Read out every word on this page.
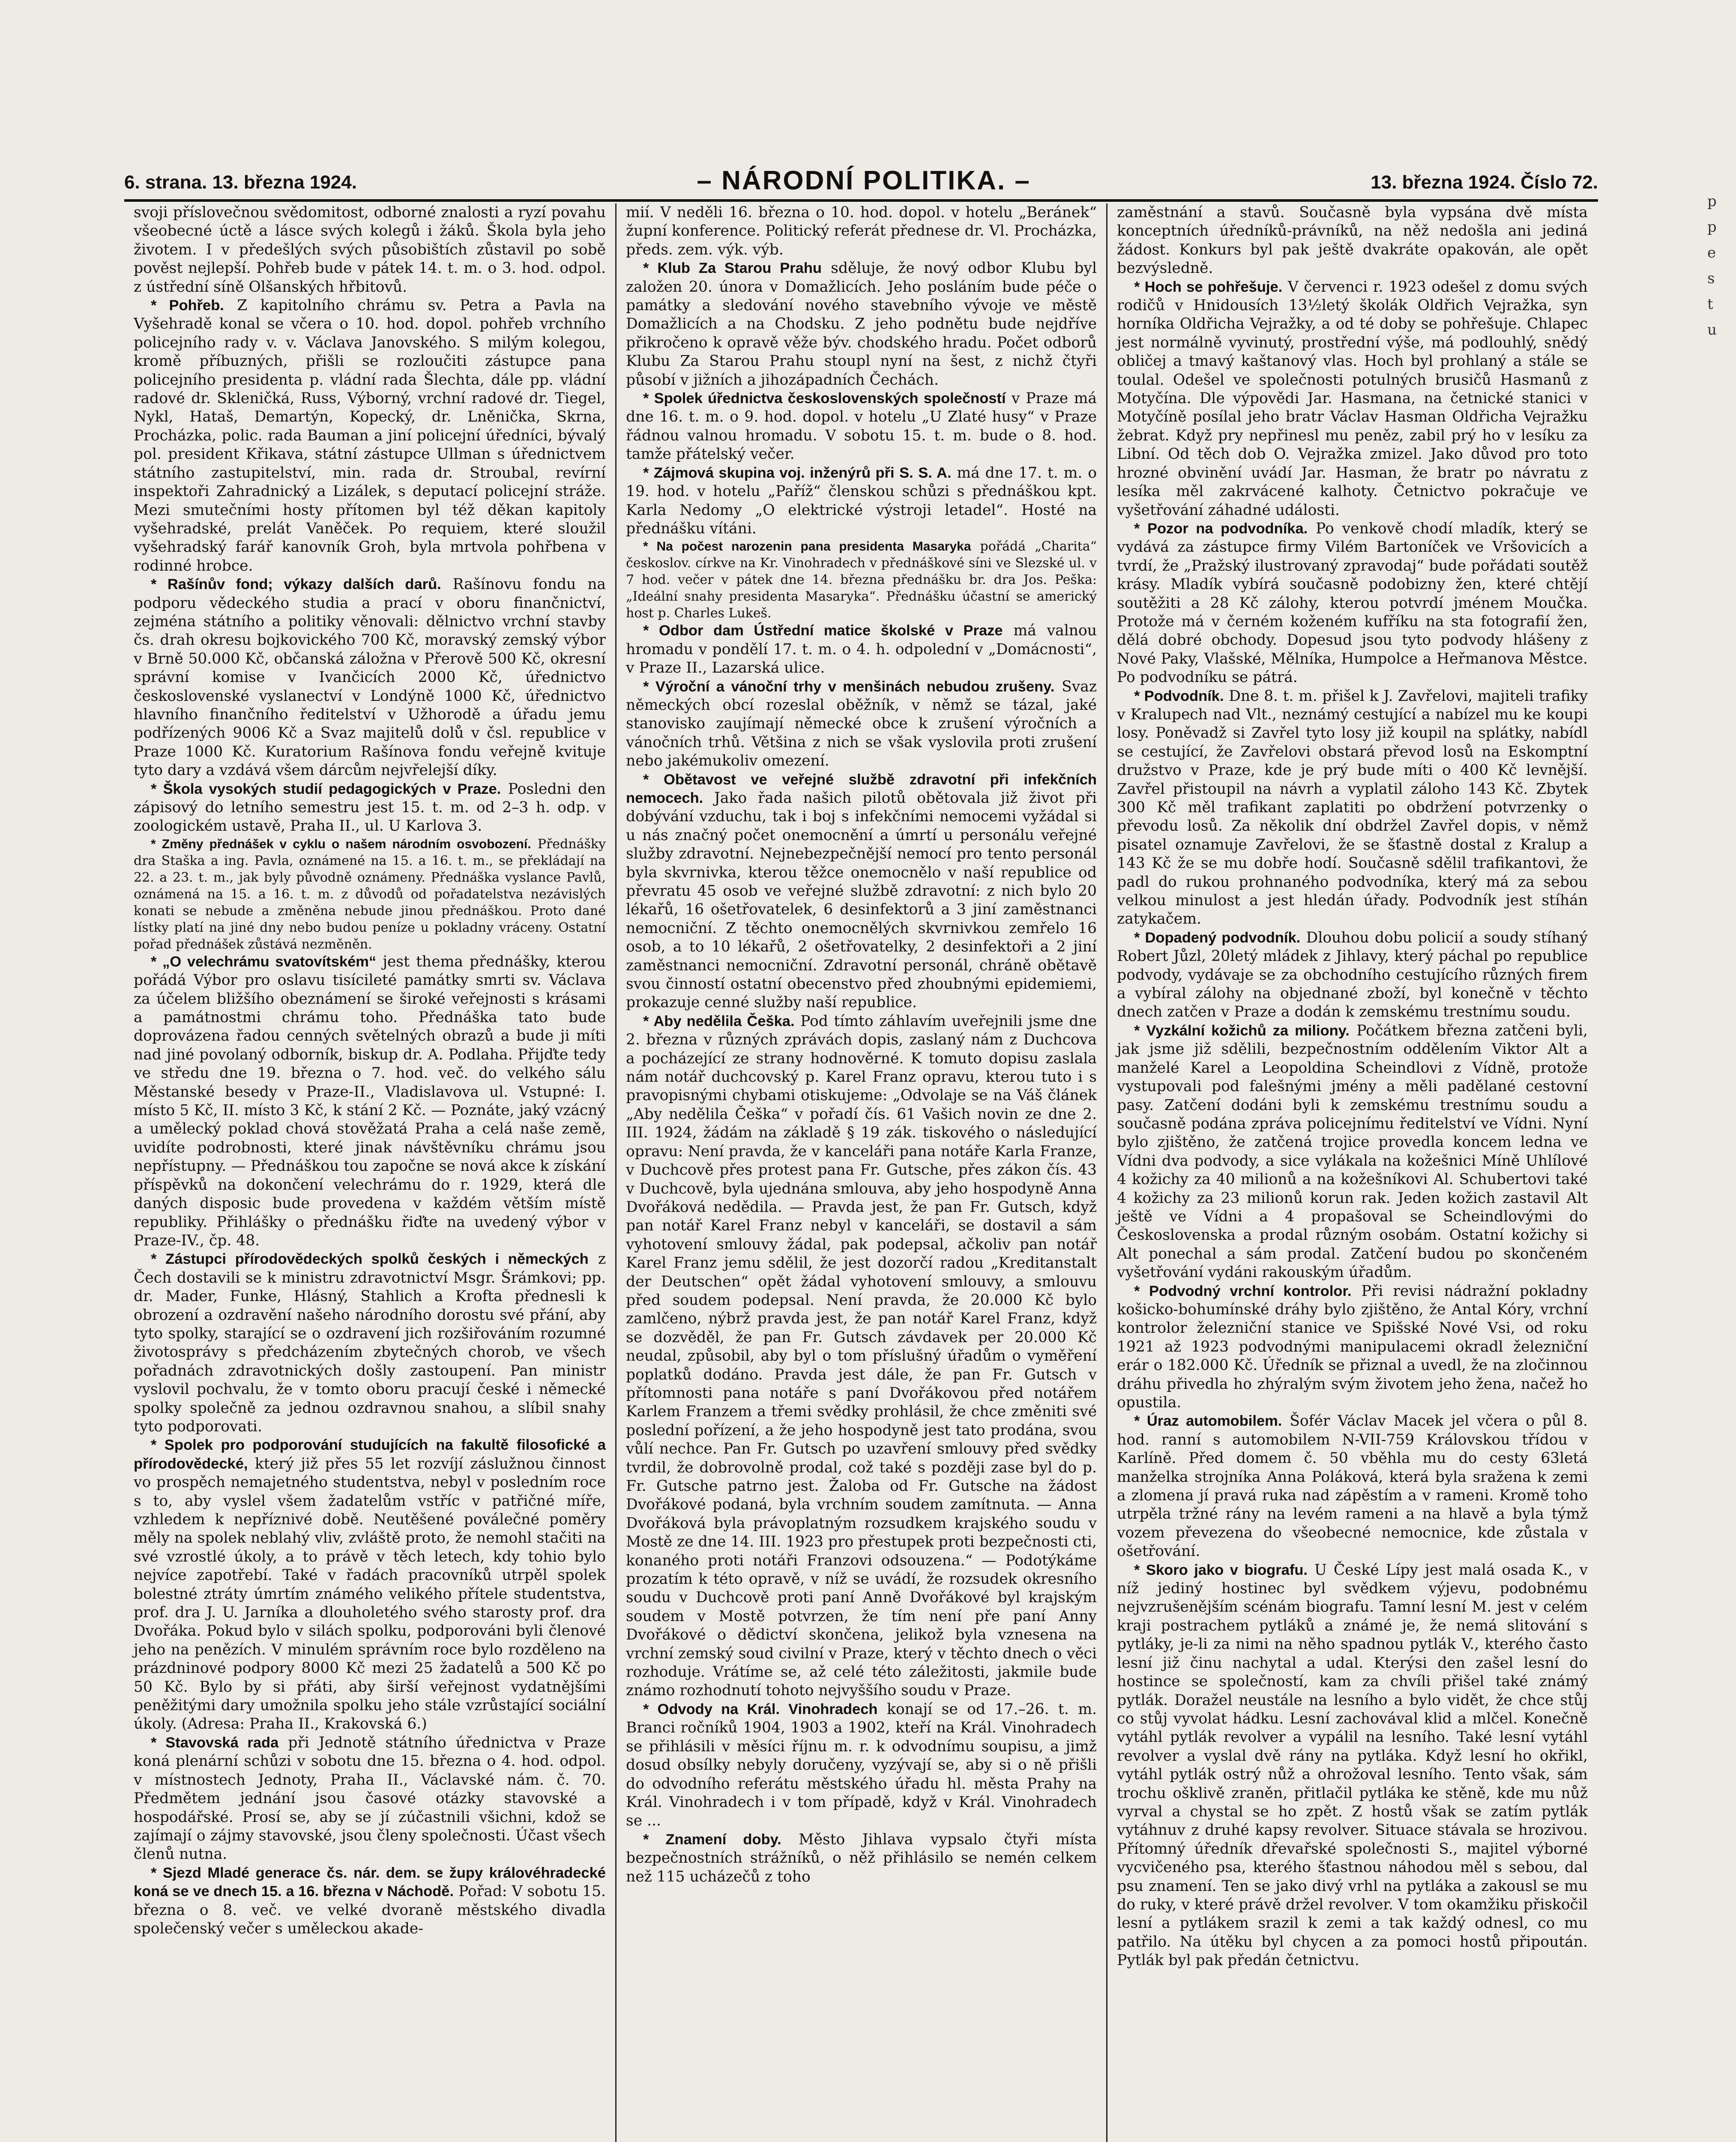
6. strana. 13. března 1924.	– NÁRODNÍ POLITIKA. –	13. března 1924. Číslo 72.

svoji příslovečnou svědomitost, odborné znalosti a ryzí povahu všeobecné úctě a lásce svých kolegů i žáků. Škola byla jeho životem. I v předešlých svých působištích zůstavil po sobě pověst nejlepší. Pohřeb bude v pátek 14. t. m. o 3. hod. odpol. z ústřední síně Olšanských hřbitovů.

* Pohřeb. Z kapitolního chrámu sv. Petra a Pavla na Vyšehradě konal se včera o 10. hod. dopol. pohřeb vrchního policejního rady v. v. Václava Janovského. S milým kolegou, kromě příbuzných, přišli se rozloučiti zástupce pana policejního presidenta p. vládní rada Šlechta, dále pp. vládní radové dr. Skleničká, Russ, Výborný, vrchní radové dr. Tiegel, Nykl, Hataš, Demartýn, Kopecký, dr. Lněnička, Skrna, Procházka, polic. rada Bauman a jiní policejní úředníci, bývalý pol. president Křikava, státní zástupce Ullman s úřednictvem státního zastupitelství, min. rada dr. Stroubal, revírní inspektoři Zahradnický a Lizálek, s deputací policejní stráže. Mezi smutečními hosty přítomen byl též děkan kapitoly vyšehradské, prelát Vaněček. Po requiem, které sloužil vyšehradský farář kanovník Groh, byla mrtvola pohřbena v rodinné hrobce.

* Rašínův fond; výkazy dalších darů. Rašínovu fondu na podporu vědeckého studia a prací v oboru finančnictví, zejména státního a politiky věnovali: dělnictvo vrchní stavby čs. drah okresu bojkovického 700 Kč, moravský zemský výbor v Brně 50.000 Kč, občanská záložna v Přerově 500 Kč, okresní správní komise v Ivančicích 2000 Kč, úřednictvo československé vyslanectví v Londýně 1000 Kč, úřednictvo hlavního finančního ředitelství v Užhorodě a úřadu jemu podřízených 9006 Kč a Svaz majitelů dolů v čsl. republice v Praze 1000 Kč. Kuratorium Rašínova fondu veřejně kvituje tyto dary a vzdává všem dárcům nejvřelejší díky.

* Škola vysokých studií pedagogických v Praze. Posledni den zápisový do letního semestru jest 15. t. m. od 2–3 h. odp. v zoologickém ustavě, Praha II., ul. U Karlova 3.

* Změny přednášek v cyklu o našem národním osvobození. Přednášky dra Staška a ing. Pavla, oznámené na 15. a 16. t. m., se překládají na 22. a 23. t. m., jak byly původně oznámeny. Přednáška vyslance Pavlů, oznámená na 15. a 16. t. m. z důvodů od pořadatelstva nezávislých konati se nebude a změněna nebude jinou přednáškou. Proto dané lístky platí na jiné dny nebo budou peníze u pokladny vráceny. Ostatní pořad přednášek zůstává nezměněn.

* „O velechrámu svatovítském“ jest thema přednášky, kterou pořádá Výbor pro oslavu tisícileté památky smrti sv. Václava za účelem bližšího obeznámení se široké veřejnosti s krásami a památnostmi chrámu toho. Přednáška tato bude doprovázena řadou cenných světelných obrazů a bude ji míti nad jiné povolaný odborník, biskup dr. A. Podlaha. Přijďte tedy ve středu dne 19. března o 7. hod. več. do velkého sálu Městanské besedy v Praze-II., Vladislavova ul. Vstupné: I. místo 5 Kč, II. místo 3 Kč, k stání 2 Kč. — Poznáte, jaký vzácný a umělecký poklad chová stověžatá Praha a celá naše země, uvidíte podrobnosti, které jinak návštěvníku chrámu jsou nepřístupny. — Přednáškou tou započne se nová akce k získání příspěvků na dokončení velechrámu do r. 1929, která dle daných disposic bude provedena v každém větším místě republiky. Přihlášky o přednášku řiďte na uvedený výbor v Praze-IV., čp. 48.

* Zástupci přírodovědeckých spolků českých i německých z Čech dostavili se k ministru zdravotnictví Msgr. Šrámkovi; pp. dr. Mader, Funke, Hlásný, Stahlich a Krofta přednesli k obrození a ozdravění našeho národního dorostu své přání, aby tyto spolky, starající se o ozdravení jich rozšiřováním rozumné životosprávy s předcházením zbytečných chorob, ve všech pořadnách zdravotnických došly zastoupení. Pan ministr vyslovil pochvalu, že v tomto oboru pracují české i německé spolky společně za jednou ozdravnou snahou, a slíbil snahy tyto podporovati.

* Spolek pro podporování studujících na fakultě filosofické a přírodovědecké, který již přes 55 let rozvíjí záslužnou činnost vo prospěch nemajetného studentstva, nebyl v posledním roce s to, aby vyslel všem žadatelům vstříc v patřičné míře, vzhledem k nepříznivé době. Neutěšené poválečné poměry měly na spolek neblahý vliv, zvláště proto, že nemohl stačiti na své vzrostlé úkoly, a to právě v těch letech, kdy tohio bylo nejvíce zapotřebí. Také v řadách pracovníků utrpěl spolek bolestné ztráty úmrtím známého velikého přítele studentstva, prof. dra J. U. Jarníka a dlouholetého svého starosty prof. dra Dvořáka. Pokud bylo v silách spolku, podporováni byli členové jeho na penězích. V minulém správním roce bylo rozděleno na prázdninové podpory 8000 Kč mezi 25 žadatelů a 500 Kč po 50 Kč. Bylo by si přáti, aby širší veřejnost vydatnějšími peněžitými dary umožnila spolku jeho stále vzrůstající sociální úkoly. (Adresa: Praha II., Krakovská 6.)

* Stavovská rada při Jednotě státního úřednictva v Praze koná plenární schůzi v sobotu dne 15. března o 4. hod. odpol. v místnostech Jednoty, Praha II., Václavské nám. č. 70. Předmětem jednání jsou časové otázky stavovské a hospodářské. Prosí se, aby se jí zúčastnili všichni, kdož se zajímají o zájmy stavovské, jsou členy společnosti. Účast všech členů nutna.

* Sjezd Mladé generace čs. nár. dem. se župy královéhradecké koná se ve dnech 15. a 16. března v Náchodě. Pořad: V sobotu 15. března o 8. več. ve velké dvoraně městského divadla společenský večer s uměleckou akade-

mií. V neděli 16. března o 10. hod. dopol. v hotelu „Beránek“ župní konference. Politický referát přednese dr. Vl. Procházka, předs. zem. výk. výb.

* Klub Za Starou Prahu sděluje, že nový odbor Klubu byl založen 20. února v Domažlicích. Jeho posláním bude péče o památky a sledování nového stavebního vývoje ve městě Domažlicích a na Chodsku. Z jeho podnětu bude nejdříve přikročeno k opravě věže býv. chodského hradu. Počet odborů Klubu Za Starou Prahu stoupl nyní na šest, z nichž čtyři působí v jižních a jihozápadních Čechách.

* Spolek úřednictva československých společností v Praze má dne 16. t. m. o 9. hod. dopol. v hotelu „U Zlaté husy“ v Praze řádnou valnou hromadu. V sobotu 15. t. m. bude o 8. hod. tamže přátelský večer.

* Zájmová skupina voj. inženýrů při S. S. A. má dne 17. t. m. o 19. hod. v hotelu „Paříž“ členskou schůzi s přednáškou kpt. Karla Nedomy „O elektrické výstroji letadel“. Hosté na přednášku vítáni.

* Na počest narozenin pana presidenta Masaryka pořádá „Charita“ českoslov. církve na Kr. Vinohradech v přednáškové síni ve Slezské ul. v 7 hod. večer v pátek dne 14. března přednášku br. dra Jos. Peška: „Ideální snahy presidenta Masaryka“. Přednášku účastní se americký host p. Charles Lukeš.

* Odbor dam Ústřední matice školské v Praze má valnou hromadu v pondělí 17. t. m. o 4. h. odpolední v „Domácnosti“, v Praze II., Lazarská ulice.

* Výroční a vánoční trhy v menšinách nebudou zrušeny. Svaz německých obcí rozeslal oběžník, v němž se tázal, jaké stanovisko zaujímají německé obce k zrušení výročních a vánočních trhů. Většina z nich se však vyslovila proti zrušení nebo jakémukoliv omezení.

* Obětavost ve veřejné službě zdravotní při infekčních nemocech. Jako řada našich pilotů obětovala již život při dobývání vzduchu, tak i boj s infekčními nemocemi vyžádal si u nás značný počet onemocnění a úmrtí u personálu veřejné služby zdravotní. Nejnebezpečnější nemocí pro tento personál byla skvrnivka, kterou těžce onemocnělo v naší republice od převratu 45 osob ve veřejné službě zdravotní: z nich bylo 20 lékařů, 16 ošetřovatelek, 6 desinfektorů a 3 jiní zaměstnanci nemocniční. Z těchto onemocnělých skvrnivkou zemřelo 16 osob, a to 10 lékařů, 2 ošetřovatelky, 2 desinfektoři a 2 jiní zaměstnanci nemocniční. Zdravotní personál, chráně obětavě svou činností ostatní obecenstvo před zhoubnými epidemiemi, prokazuje cenné služby naší republice.

* Aby nedělila Češka. Pod tímto záhlavím uveřejnili jsme dne 2. března v různých zprávách dopis, zaslaný nám z Duchcova a pocházející ze strany hodnověrné. K tomuto dopisu zaslala nám notář duchcovský p. Karel Franz opravu, kterou tuto i s pravopisnými chybami otiskujeme: „Odvolaje se na Váš článek „Aby nedělila Češka“ v pořadí čís. 61 Vašich novin ze dne 2. III. 1924, žádám na základě § 19 zák. tiskového o následující opravu: Není pravda, že v kanceláři pana notáře Karla Franze, v Duchcově přes protest pana Fr. Gutsche, přes zákon čís. 43 v Duchcově, byla ujednána smlouva, aby jeho hospodyně Anna Dvořáková nedědila. — Pravda jest, že pan Fr. Gutsch, když pan notář Karel Franz nebyl v kanceláři, se dostavil a sám vyhotovení smlouvy žádal, pak podepsal, ačkoliv pan notář Karel Franz jemu sdělil, že jest dozorčí radou „Kreditanstalt der Deutschen“ opět žádal vyhotovení smlouvy, a smlouvu před soudem podepsal. Není pravda, že 20.000 Kč bylo zamlčeno, nýbrž pravda jest, že pan notář Karel Franz, když se dozvěděl, že pan Fr. Gutsch závdavek per 20.000 Kč neudal, způsobil, aby byl o tom příslušný úřadům o vyměření poplatků dodáno. Pravda jest dále, že pan Fr. Gutsch v přítomnosti pana notáře s paní Dvořákovou před notářem Karlem Franzem a třemi svědky prohlásil, že chce změniti své poslední pořízení, a že jeho hospodyně jest tato prodána, svou vůlí nechce. Pan Fr. Gutsch po uzavření smlouvy před svědky tvrdil, že dobrovolně prodal, což také s později zase byl do p. Fr. Gutsche patrno jest. Žaloba od Fr. Gutsche na žádost Dvořákové podaná, byla vrchním soudem zamítnuta. — Anna Dvořáková byla právoplatným rozsudkem krajského soudu v Mostě ze dne 14. III. 1923 pro přestupek proti bezpečnosti cti, konaného proti notáři Franzovi odsouzena.“ — Podotýkáme prozatím k této opravě, v níž se uvádí, že rozsudek okresního soudu v Duchcově proti paní Anně Dvořákové byl krajským soudem v Mostě potvrzen, že tím není pře paní Anny Dvořákové o dědictví skončena, jelikož byla vznesena na vrchní zemský soud civilní v Praze, který v těchto dnech o věci rozhoduje. Vrátíme se, až celé této záležitosti, jakmile bude známo rozhodnutí tohoto nejvyššího soudu v Praze.

* Odvody na Král. Vinohradech konají se od 17.–26. t. m. Branci ročníků 1904, 1903 a 1902, kteří na Král. Vinohradech se přihlásili v měsíci říjnu m. r. k odvodnímu soupisu, a jimž dosud obsílky nebyly doručeny, vyzývají se, aby si o ně přišli do odvodního referátu městského úřadu hl. města Prahy na Král. Vinohradech i v tom případě, když v Král. Vinohradech se ...

* Znamení doby. Město Jihlava vypsalo čtyři místa bezpečnostních strážníků, o něž přihlásilo se nemén celkem než 115 ucházečů z toho

zaměstnání a stavů. Současně byla vypsána dvě místa konceptních úředníků-právníků, na něž nedošla ani jediná žádost. Konkurs byl pak ještě dvakráte opakován, ale opět bezvýsledně.

* Hoch se pohřešuje. V červenci r. 1923 odešel z domu svých rodičů v Hnidousích 13½letý školák Oldřich Vejražka, syn horníka Oldřicha Vejražky, a od té doby se pohřešuje. Chlapec jest normálně vyvinutý, prostřední výše, má podlouhlý, snědý obličej a tmavý kaštanový vlas. Hoch byl prohlaný a stále se toulal. Odešel ve společnosti potulných brusičů Hasmanů z Motyčína. Dle výpovědi Jar. Hasmana, na četnické stanici v Motyčíně posílal jeho bratr Václav Hasman Oldřicha Vejražku žebrat. Když pry nepřinesl mu peněz, zabil prý ho v lesíku za Libní. Od těch dob O. Vejražka zmizel. Jako důvod pro toto hrozné obvinění uvádí Jar. Hasman, že bratr po návratu z lesíka měl zakrvácené kalhoty. Četnictvo pokračuje ve vyšetřování záhadné události.

* Pozor na podvodníka. Po venkově chodí mladík, který se vydává za zástupce firmy Vilém Bartoníček ve Vršovicích a tvrdí, že „Pražský ilustrovaný zpravodaj“ bude pořádati soutěž krásy. Mladík vybírá současně podobizny žen, které chtějí soutěžiti a 28 Kč zálohy, kterou potvrdí jménem Moučka. Protože má v černém koženém kufříku na sta fotografií žen, dělá dobré obchody. Dopesud jsou tyto podvody hlášeny z Nové Paky, Vlašské, Mělníka, Humpolce a Heřmanova Městce. Po podvodníku se pátrá.

* Podvodník. Dne 8. t. m. přišel k J. Zavřelovi, majiteli trafiky v Kralupech nad Vlt., neznámý cestující a nabízel mu ke koupi losy. Poněvadž si Zavřel tyto losy již koupil na splátky, nabídl se cestující, že Zavřelovi obstará převod losů na Eskomptní družstvo v Praze, kde je prý bude míti o 400 Kč levnější. Zavřel přistoupil na návrh a vyplatil záloho 143 Kč. Zbytek 300 Kč měl trafikant zaplatiti po obdržení potvrzenky o převodu losů. Za několik dní obdržel Zavřel dopis, v němž pisatel oznamuje Zavřelovi, že se šťastně dostal z Kralup a 143 Kč že se mu dobře hodí. Současně sdělil trafikantovi, že padl do rukou prohnaného podvodníka, který má za sebou velkou minulost a jest hledán úřady. Podvodník jest stíhán zatykačem.

* Dopadený podvodník. Dlouhou dobu policií a soudy stíhaný Robert Jůzl, 20letý mládek z Jihlavy, který páchal po republice podvody, vydávaje se za obchodního cestujícího různých firem a vybíral zálohy na objednané zboží, byl konečně v těchto dnech zatčen v Praze a dodán k zemskému trestnímu soudu.

* Vyzkální kožichů za miliony. Počátkem března zatčeni byli, jak jsme již sdělili, bezpečnostním oddělením Viktor Alt a manželé Karel a Leopoldina Scheindlovi z Vídně, protože vystupovali pod falešnými jmény a měli padělané cestovní pasy. Zatčení dodáni byli k zemskému trestnímu soudu a současně podána zpráva policejnímu ředitelství ve Vídni. Nyní bylo zjištěno, že zatčená trojice provedla koncem ledna ve Vídni dva podvody, a sice vylákala na kožešnici Míně Uhlílové 4 kožichy za 40 milionů a na kožešníkovi Al. Schubertovi také 4 kožichy za 23 milionů korun rak. Jeden kožich zastavil Alt ještě ve Vídni a 4 propašoval se Scheindlovými do Československa a prodal různým osobám. Ostatní kožichy si Alt ponechal a sám prodal. Zatčení budou po skončeném vyšetřování vydáni rakouským úřadům.

* Podvodný vrchní kontrolor. Při revisi nádražní pokladny košicko-bohumínské dráhy bylo zjištěno, že Antal Kóry, vrchní kontrolor železniční stanice ve Spišské Nové Vsi, od roku 1921 až 1923 podvodnými manipulacemi okradl železniční erár o 182.000 Kč. Úředník se přiznal a uvedl, že na zločinnou dráhu přivedla ho zhýralým svým životem jeho žena, načež ho opustila.

* Úraz automobilem. Šofér Václav Macek jel včera o půl 8. hod. ranní s automobilem N-VII-759 Královskou třídou v Karlíně. Před domem č. 50 vběhla mu do cesty 63letá manželka strojníka Anna Poláková, která byla sražena k zemi a zlomena jí pravá ruka nad zápěstím a v rameni. Kromě toho utrpěla tržné rány na levém rameni a na hlavě a byla týmž vozem převezena do všeobecné nemocnice, kde zůstala v ošetřování.

* Skoro jako v biografu. U České Lípy jest malá osada K., v níž jediný hostinec byl svědkem výjevu, podobnému nejvzrušenějším scénám biografu. Tamní lesní M. jest v celém kraji postrachem pytláků a známé je, že nemá slitování s pytláky, je-li za nimi na něho spadnou pytlák V., kterého často lesní již činu nachytal a udal. Kterýsi den zašel lesní do hostince se společností, kam za chvíli přišel také známý pytlák. Doražel neustále na lesního a bylo vidět, že chce stůj co stůj vyvolat hádku. Lesní zachovával klid a mlčel. Konečně vytáhl pytlák revolver a vypálil na lesního. Také lesní vytáhl revolver a vyslal dvě rány na pytláka. Když lesní ho okřikl, vytáhl pytlák ostrý nůž a ohrožoval lesního. Tento však, sám trochu ošklivě zraněn, přitlačil pytláka ke stěně, kde mu nůž vyrval a chystal se ho zpět. Z hostů však se zatím pytlák vytáhnuv z druhé kapsy revolver. Situace stávala se hrozivou. Přítomný úředník dřevařské společnosti S., majitel výborné vycvičeného psa, kterého šťastnou náhodou měl s sebou, dal psu znamení. Ten se jako divý vrhl na pytláka a zakousl se mu do ruky, v které právě držel revolver. V tom okamžiku přiskočil lesní a pytlákem srazil k zemi a tak každý odnesl, co mu patřilo. Na útěku byl chycen a za pomoci hostů připoután. Pytlák byl pak předán četnictvu.

p
p
e
s
t
u
